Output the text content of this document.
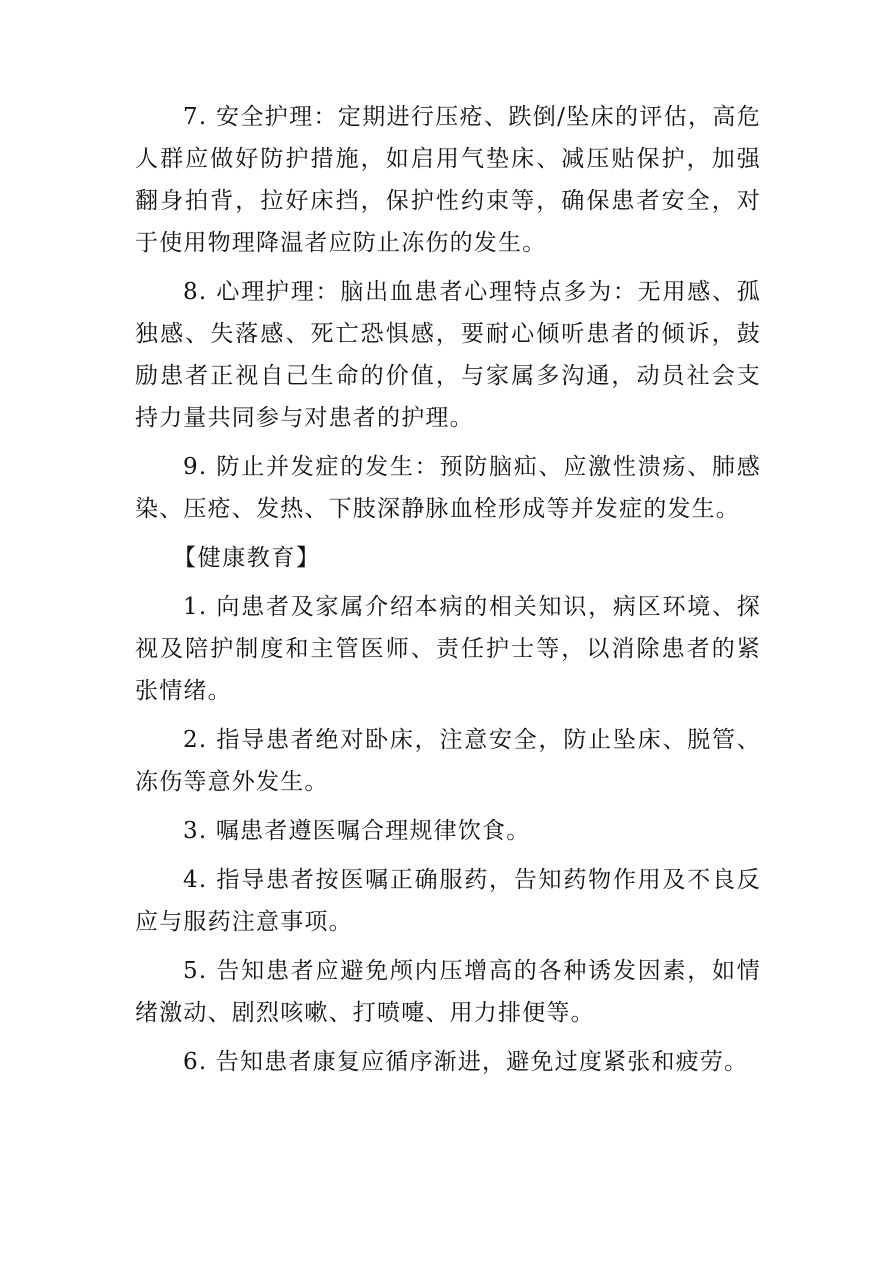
7. 安全护理：定期进行压疮、跌倒/坠床的评估，高危人群应做好防护措施，如启用气垫床、减压贴保护，加强翻身拍背，拉好床挡，保护性约束等，确保患者安全，对于使用物理降温者应防止冻伤的发生。

8. 心理护理：脑出血患者心理特点多为：无用感、孤独感、失落感、死亡恐惧感，要耐心倾听患者的倾诉，鼓励患者正视自己生命的价值，与家属多沟通，动员社会支持力量共同参与对患者的护理。

9. 防止并发症的发生：预防脑疝、应激性溃疡、肺感染、压疮、发热、下肢深静脉血栓形成等并发症的发生。

【健康教育】

1. 向患者及家属介绍本病的相关知识，病区环境、探视及陪护制度和主管医师、责任护士等，以消除患者的紧张情绪。

2. 指导患者绝对卧床，注意安全，防止坠床、脱管、冻伤等意外发生。

3. 嘱患者遵医嘱合理规律饮食。

4. 指导患者按医嘱正确服药，告知药物作用及不良反应与服药注意事项。

5. 告知患者应避免颅内压增高的各种诱发因素，如情绪激动、剧烈咳嗽、打喷嚏、用力排便等。

6. 告知患者康复应循序渐进，避免过度紧张和疲劳。
